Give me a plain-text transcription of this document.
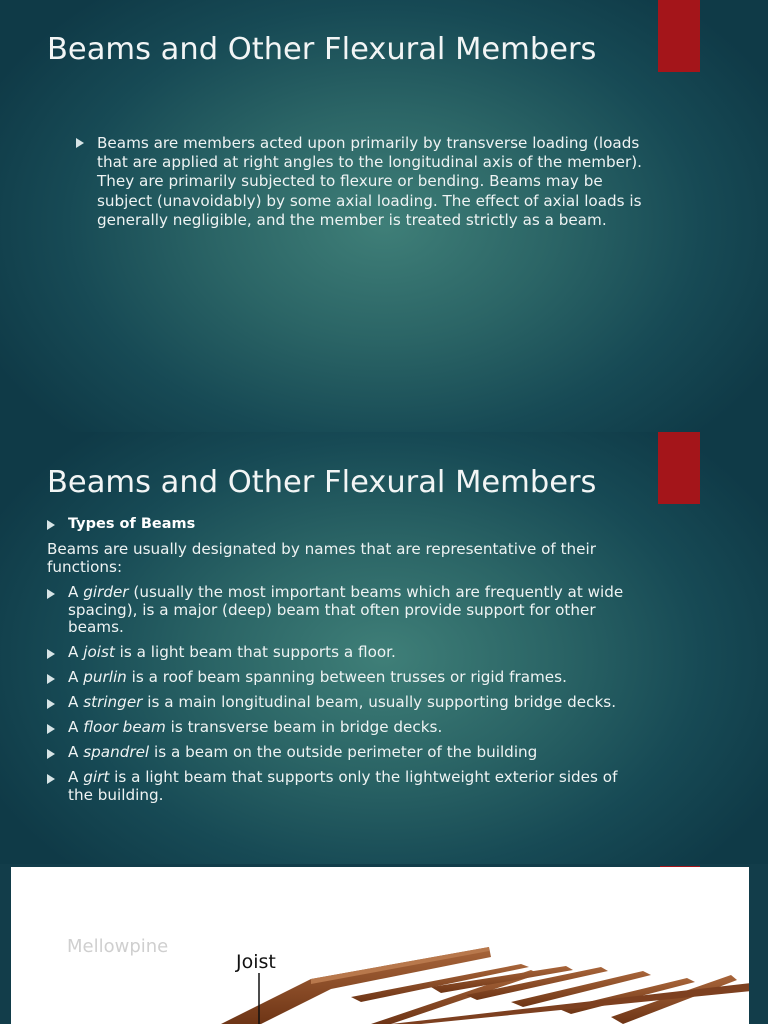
Beams and Other Flexural Members
Beams are members acted upon primarily by transverse loading (loads that are applied at right angles to the longitudinal axis of the member). They are primarily subjected to flexure or bending. Beams may be subject (unavoidably) by some axial loading. The effect of axial loads is generally negligible, and the member is treated strictly as a beam.
Beams and Other Flexural Members
Types of Beams

Beams are usually designated by names that are representative of their functions:

A girder (usually the most important beams which are frequently at wide spacing), is a major (deep) beam that often provide support for other beams.
A joist is a light beam that supports a floor.
A purlin is a roof beam spanning between trusses or rigid frames.
A stringer is a main longitudinal beam, usually supporting bridge decks.
A floor beam is transverse beam in bridge decks.
A spandrel is a beam on the outside perimeter of the building
A girt is a light beam that supports only the lightweight exterior sides of the building.
Mellowpine
Joist
